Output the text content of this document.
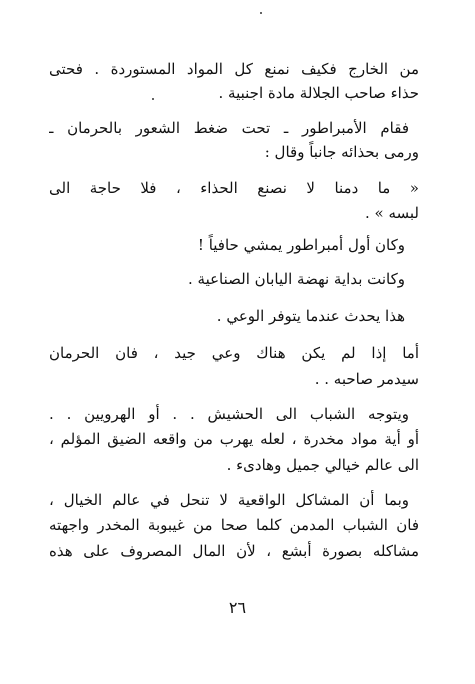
من الخارج فكيف نمنع كل المواد المستوردة . فحتى
حذاء صاحب الجلالة مادة اجنبية .
فقام الأمبراطور ـ تحت ضغط الشعور بالحرمان ـ
ورمى بحذائه جانباً وقال :
« ما دمنا لا نصنع الحذاء ، فلا حاجة الى
لبسه » .
وكان أول أمبراطور يمشي حافياً !
وكانت بداية نهضة اليابان الصناعية .
هذا يحدث عندما يتوفر الوعي .
أما إذا لم يكن هناك وعي جيد ، فان الحرمان
سيدمر صاحبه . .
ويتوجه الشباب الى الحشيش . . أو الهرويين . .
أو أية مواد مخدرة ، لعله يهرب من واقعه الضيق المؤلم ،
الى عالم خيالي جميل وهادىء .
وبما أن المشاكل الواقعية لا تنحل في عالم الخيال ،
فان الشباب المدمن كلما صحا من غيبوبة المخدر واجهته
مشاكله بصورة أبشع ، لأن المال المصروف على هذه
٢٦
